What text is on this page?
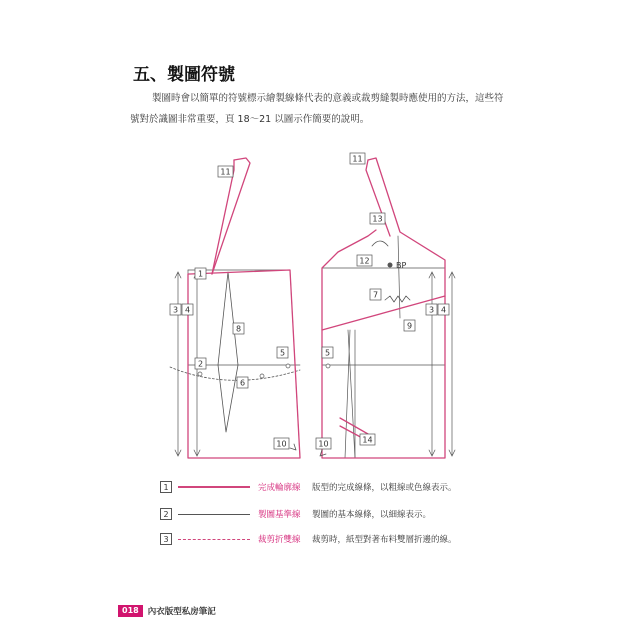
五、製圖符號

製圖時會以簡單的符號標示繪製線條代表的意義或裁剪縫製時應使用的方法，這些符號對於識圖非常重要，頁 18～21 以圖示作簡要的說明。

1
2
3 4
5	5
6
7
8	9
10	10
11
11
12
13
14
3 4
BP
1	完成輪廓線	版型的完成線條，以粗線或色線表示。
2	製圖基準線	製圖的基本線條，以細線表示。
3	裁剪折雙線	裁剪時，紙型對著布料雙層折邊的線。
018	內衣版型私房筆記
